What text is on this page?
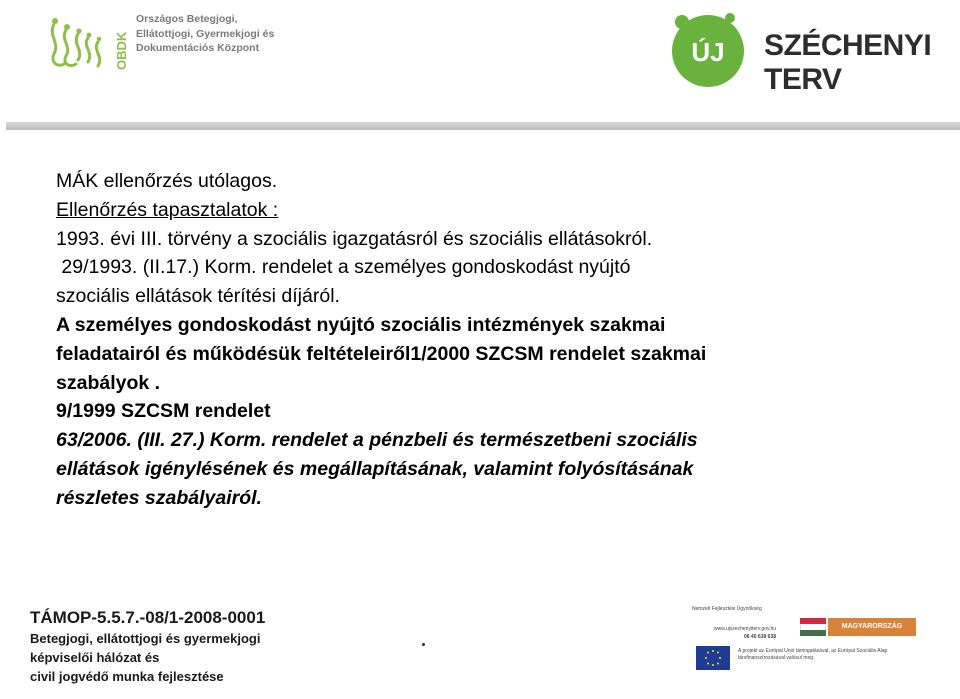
OBDK
Országos Betegjogi,
Ellátottjogi, Gyermekjogi és
Dokumentációs Központ	ÚJ SZÉCHENYI TERV
MÁK ellenőrzés utólagos.
Ellenőrzés tapasztalatok :
1993. évi III. törvény a szociális igazgatásról és szociális ellátásokról.
29/1993. (II.17.) Korm. rendelet a személyes gondoskodást nyújtó
szociális ellátások térítési díjáról.
A személyes gondoskodást nyújtó szociális intézmények szakmai
feladatairól és működésük feltételeiről1/2000 SZCSM rendelet szakmai
szabályok .
9/1999 SZCSM rendelet
63/2006. (III. 27.) Korm. rendelet a pénzbeli és természetbeni szociális
ellátások igénylésének és megállapításának, valamint folyósításának
részletes szabályairól.
TÁMOP-5.5.7.-08/1-2008-0001
Betegjogi, ellátottjogi és gyermekjogi
képviselői hálózat és
civil jogvédő munka fejlesztése
Nemzeti Fejlesztési Ügynökség
www.ujszechenyiterv.gov.hu
06 40 638 638
MAGYARORSZÁG MEGÚJUL
A projekt az Európai Unió támogatásával, az Európai Szociális Alap társfinanszírozásával valósul meg.
